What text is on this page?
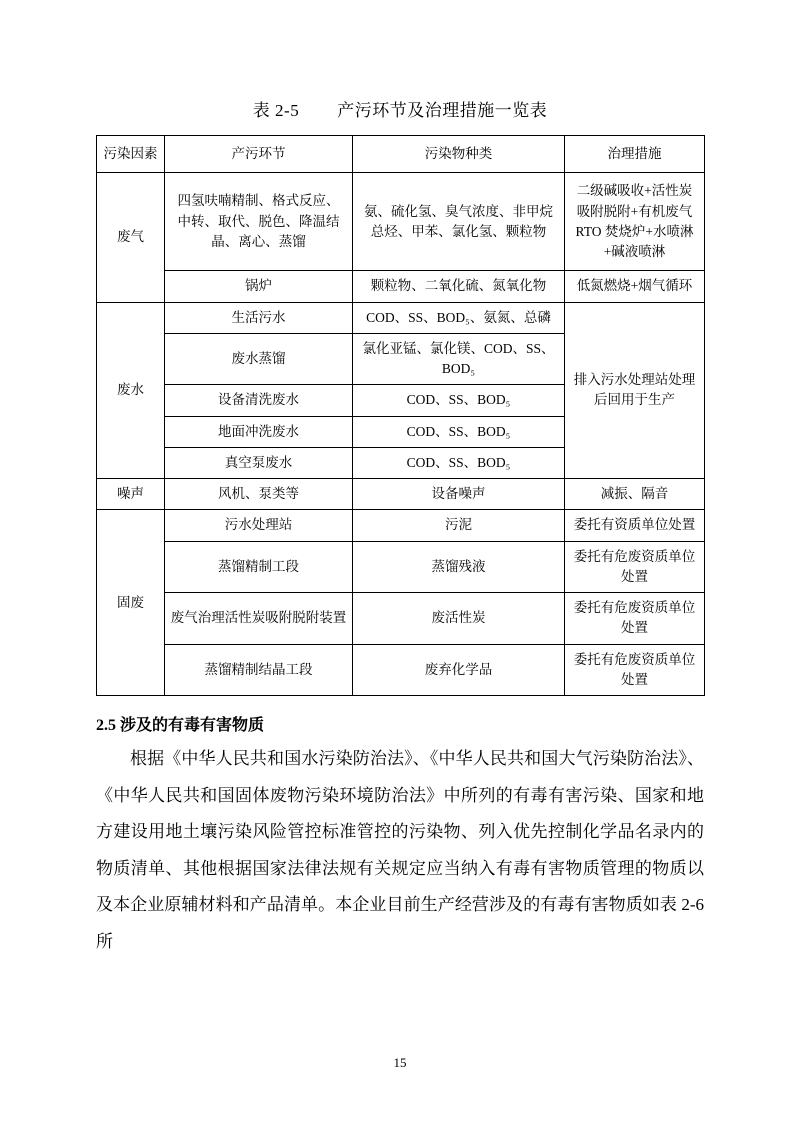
表 2-5        产污环节及治理措施一览表
污染因素	产污环节	污染物种类	治理措施
废气	四氢呋喃精制、格式反应、中转、取代、脱色、降温结晶、离心、蒸馏	氨、硫化氢、臭气浓度、非甲烷总烃、甲苯、氯化氢、颗粒物	二级碱吸收+活性炭吸附脱附+有机废气 RTO 焚烧炉+水喷淋+碱液喷淋
	锅炉	颗粒物、二氧化硫、氮氧化物	低氮燃烧+烟气循环
废水	生活污水	COD、SS、BOD₅、氨氮、总磷	排入污水处理站处理后回用于生产
	废水蒸馏	氯化亚锰、氯化镁、COD、SS、BOD₅	
	设备清洗废水	COD、SS、BOD₅	
	地面冲洗废水	COD、SS、BOD₅	
	真空泵废水	COD、SS、BOD₅	
噪声	风机、泵类等	设备噪声	减振、隔音
固废	污水处理站	污泥	委托有资质单位处置
	蒸馏精制工段	蒸馏残液	委托有危废资质单位处置
	废气治理活性炭吸附脱附装置	废活性炭	委托有危废资质单位处置
	蒸馏精制结晶工段	废弃化学品	委托有危废资质单位处置
2.5 涉及的有毒有害物质
根据《中华人民共和国水污染防治法》、《中华人民共和国大气污染防治法》、《中华人民共和国固体废物污染环境防治法》中所列的有毒有害污染、国家和地方建设用地土壤污染风险管控标准管控的污染物、列入优先控制化学品名录内的物质清单、其他根据国家法律法规有关规定应当纳入有毒有害物质管理的物质以及本企业原辅材料和产品清单。本企业目前生产经营涉及的有毒有害物质如表 2-6 所
15
